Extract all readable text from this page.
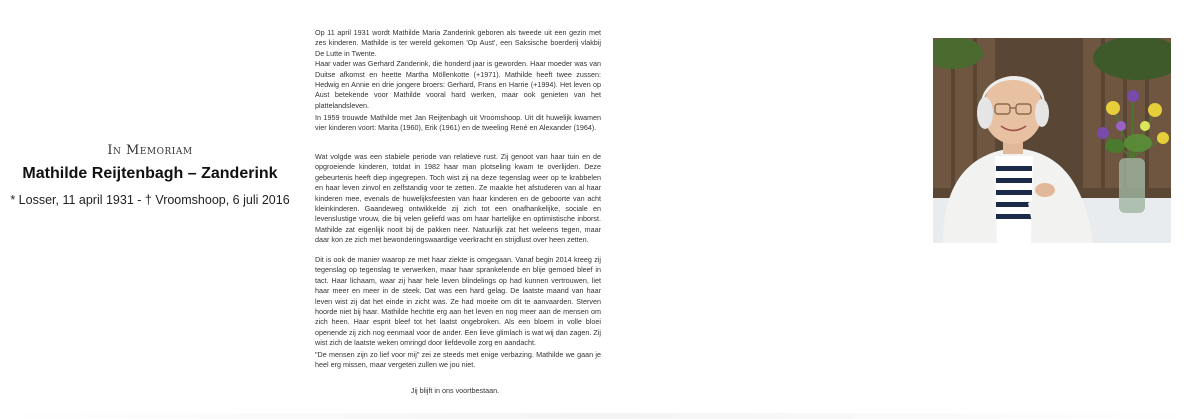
In Memoriam
Mathilde Reijtenbagh – Zanderink
* Losser, 11 april 1931 - † Vroomshoop, 6 juli 2016
Op 11 april 1931 wordt Mathilde Maria Zanderink geboren als tweede uit een gezin met zes kinderen. Mathilde is ter wereld gekomen 'Op Aust', een Saksische boerderij vlakbij De Lutte in Twente.
Haar vader was Gerhard Zanderink, die honderd jaar is geworden. Haar moeder was van Duitse afkomst en heette Martha Möllenkotte (+1971). Mathilde heeft twee zussen: Hedwig en Annie en drie jongere broers: Gerhard, Frans en Harrie (+1994). Het leven op Aust betekende voor Mathilde vooral hard werken, maar ook genieten van het plattelandsleven.
In 1959 trouwde Mathilde met Jan Reijtenbagh uit Vroomshoop. Uit dit huwelijk kwamen vier kinderen voort: Marita (1960), Erik (1961) en de tweeling René en Alexander (1964).
Wat volgde was een stabiele periode van relatieve rust. Zij genoot van haar tuin en de opgroeiende kinderen, totdat in 1982 haar man plotseling kwam te overlijden. Deze gebeurtenis heeft diep ingegrepen. Toch wist zij na deze tegenslag weer op te krabbelen en haar leven zinvol en zelfstandig voor te zetten. Ze maakte het afstuderen van al haar kinderen mee, evenals de huwelijksfeesten van haar kinderen en de geboorte van acht kleinkinderen. Gaandeweg ontwikkelde zij zich tot een onafhankelijke, sociale en levenslustige vrouw, die bij velen geliefd was om haar hartelijke en optimistische inborst. Mathilde zat eigenlijk nooit bij de pakken neer. Natuurlijk zat het weleens tegen, maar daar kon ze zich met bewonderingswaardige veerkracht en strijdlust over heen zetten.
Dit is ook de manier waarop ze met haar ziekte is omgegaan. Vanaf begin 2014 kreeg zij tegenslag op tegenslag te verwerken, maar haar sprankelende en blije gemoed bleef in tact. Haar lichaam, waar zij haar hele leven blindelings op had kunnen vertrouwen, liet haar meer en meer in de steek. Dat was een hard gelag. De laatste maand van haar leven wist zij dat het einde in zicht was. Ze had moeite om dit te aanvaarden. Sterven hoorde niet bij haar. Mathilde hechtte erg aan het leven en nog meer aan de mensen om zich heen. Haar esprit bleef tot het laatst ongebroken. Als een bloem in volle bloei openende zij zich nog eenmaal voor de ander. Een lieve glimlach is wat wij dan zagen. Zij wist zich de laatste weken omringd door liefdevolle zorg en aandacht.
"De mensen zijn zo lief voor mij" zei ze steeds met enige verbazing. Mathilde we gaan je heel erg missen, maar vergeten zullen we jou niet.
Jij blijft in ons voortbestaan.
